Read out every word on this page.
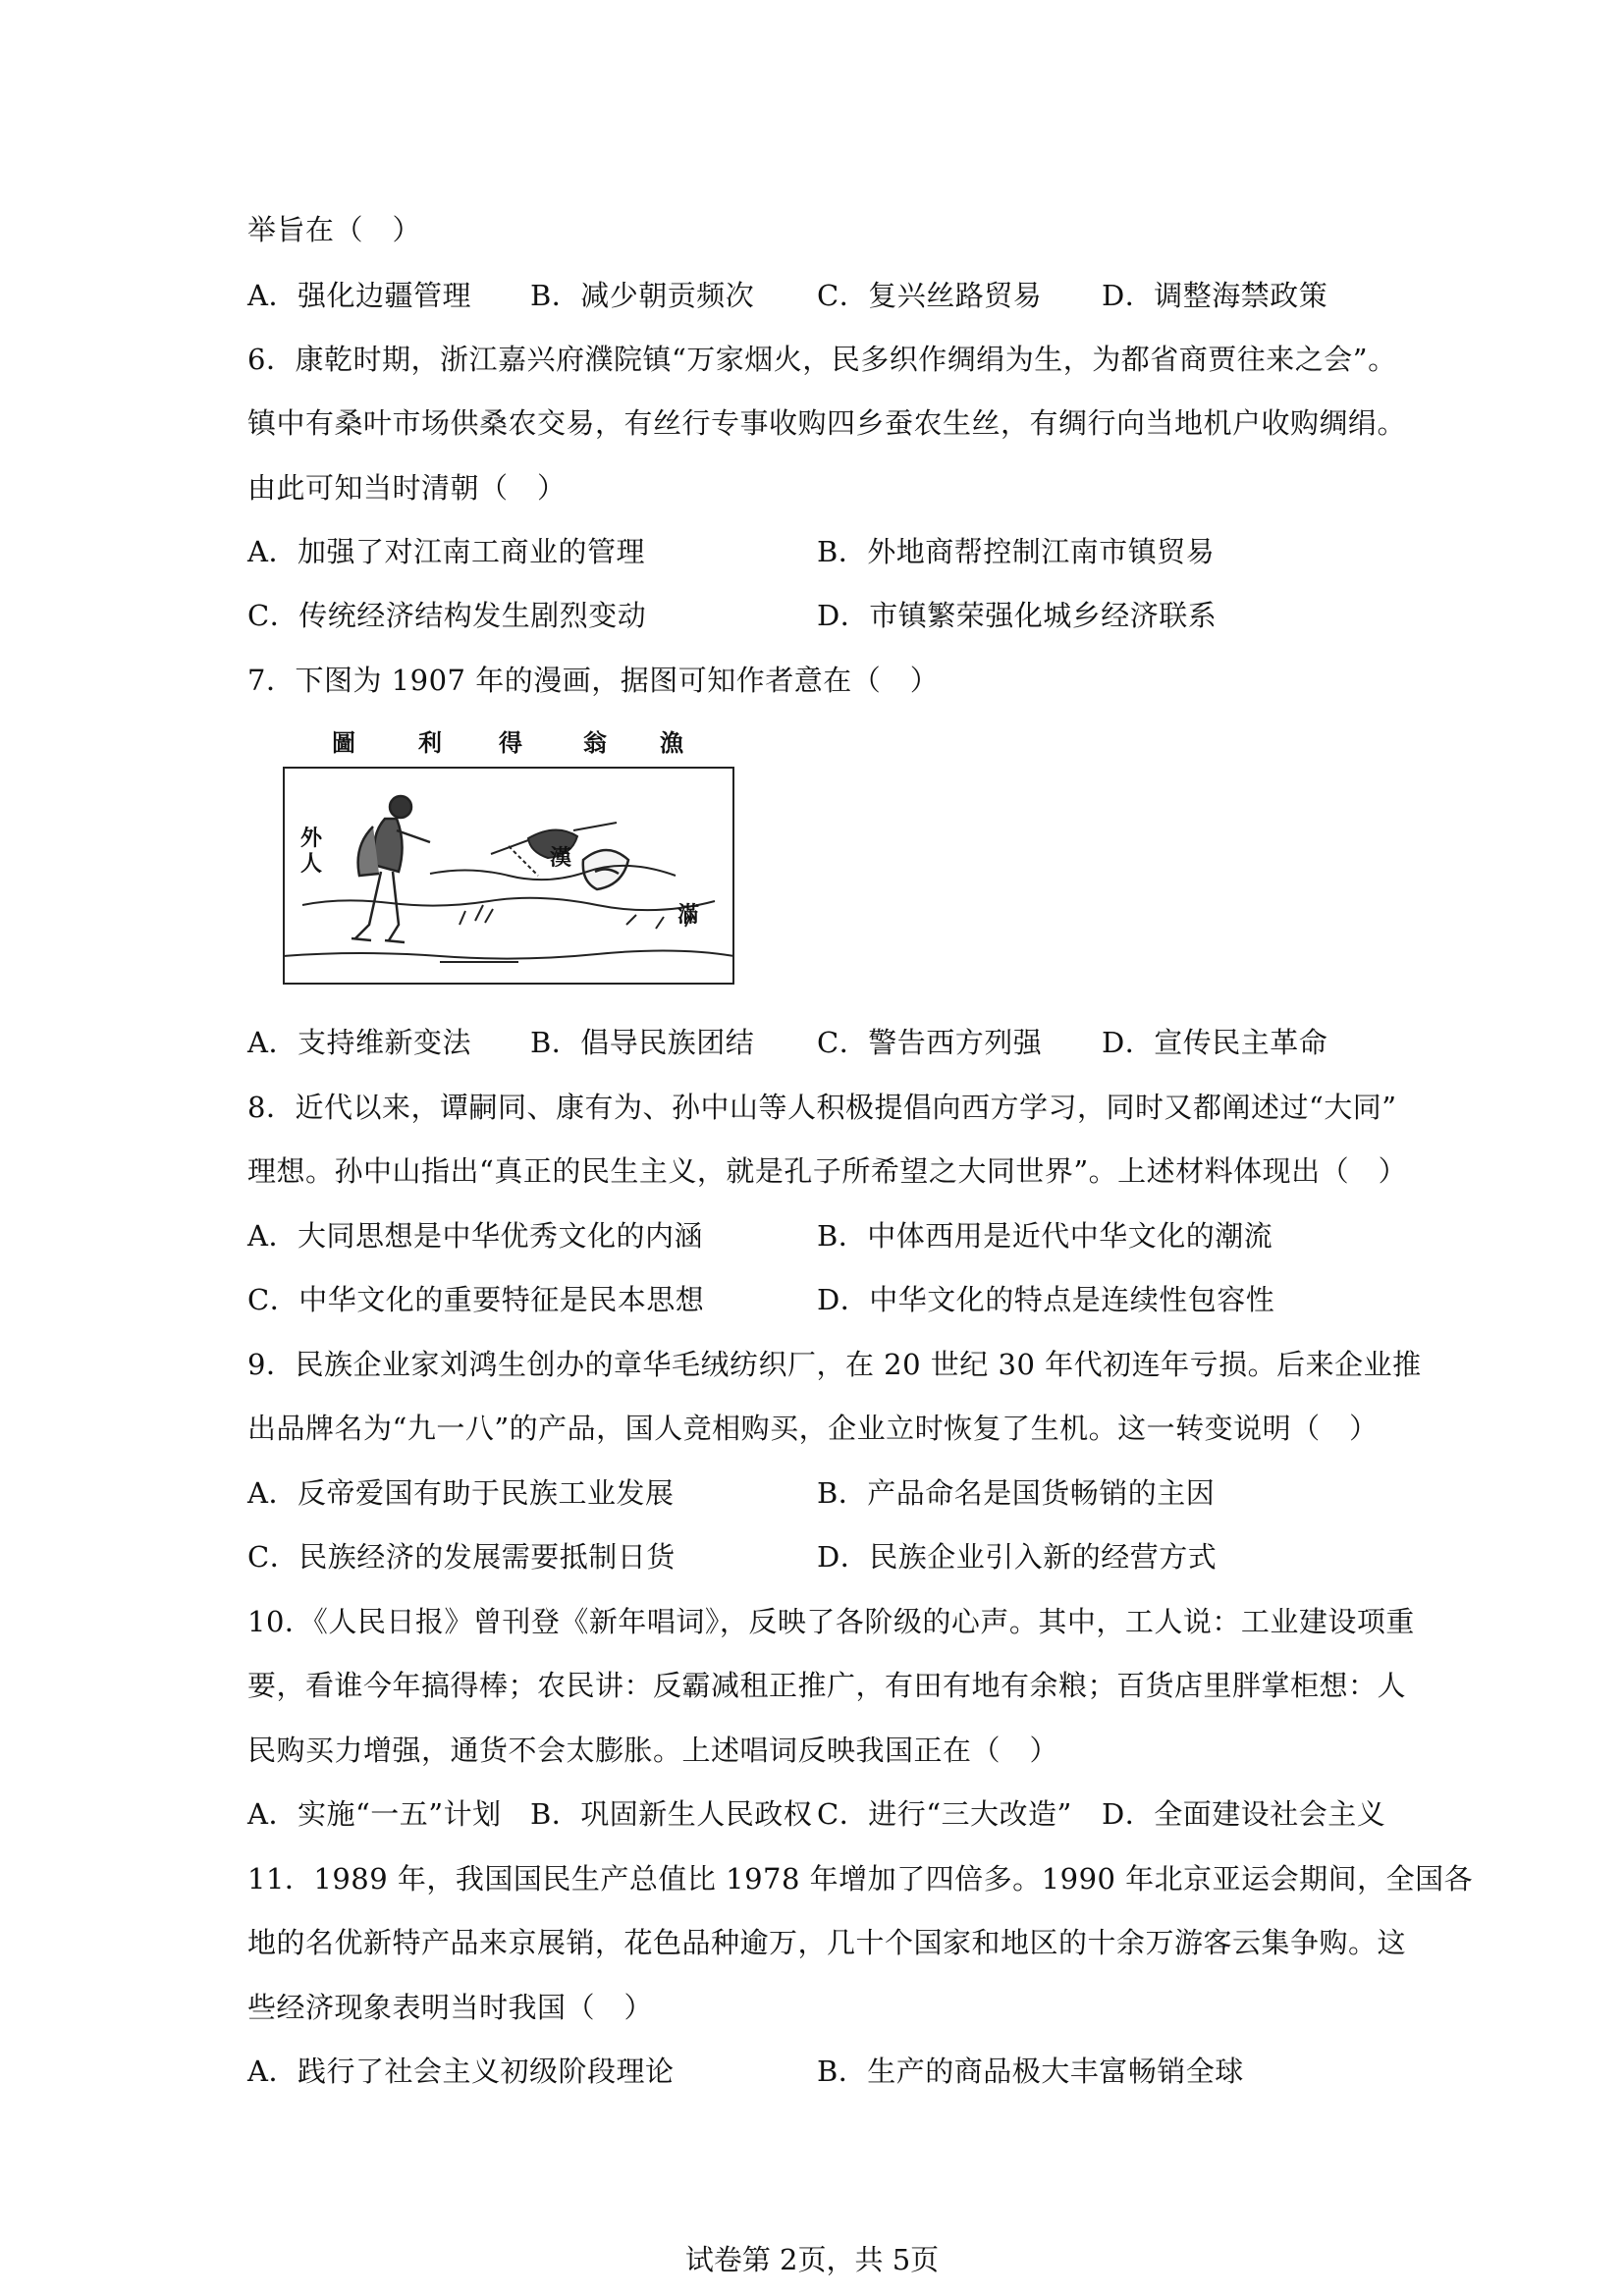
举旨在（　）
A．强化边疆管理 B．减少朝贡频次 C．复兴丝路贸易 D．调整海禁政策
6．康乾时期，浙江嘉兴府濮院镇“万家烟火，民多织作绸绢为生，为都省商贾往来之会”。
镇中有桑叶市场供桑农交易，有丝行专事收购四乡蚕农生丝，有绸行向当地机户收购绸绢。
由此可知当时清朝（　）
A．加强了对江南工商业的管理	B．外地商帮控制江南市镇贸易
C．传统经济结构发生剧烈变动	D．市镇繁荣强化城乡经济联系
7．下图为 1907 年的漫画，据图可知作者意在（　）
圖	利 得	翁 漁
外
人	漢
滿
A．支持维新变法 B．倡导民族团结 C．警告西方列强 D．宣传民主革命
8．近代以来，谭嗣同、康有为、孙中山等人积极提倡向西方学习，同时又都阐述过“大同”
理想。孙中山指出“真正的民生主义，就是孔子所希望之大同世界”。上述材料体现出（　）
A．大同思想是中华优秀文化的内涵	B．中体西用是近代中华文化的潮流
C．中华文化的重要特征是民本思想	D．中华文化的特点是连续性包容性
9．民族企业家刘鸿生创办的章华毛绒纺织厂，在 20 世纪 30 年代初连年亏损。后来企业推
出品牌名为“九一八”的产品，国人竞相购买，企业立时恢复了生机。这一转变说明（　）
A．反帝爱国有助于民族工业发展	B．产品命名是国货畅销的主因
C．民族经济的发展需要抵制日货	D．民族企业引入新的经营方式
10．《人民日报》曾刊登《新年唱词》，反映了各阶级的心声。其中，工人说：工业建设项重
要，看谁今年搞得棒；农民讲：反霸减租正推广，有田有地有余粮；百货店里胖掌柜想：人
民购买力增强，通货不会太膨胀。上述唱词反映我国正在（　）
A．实施“一五”计划 B．巩固新生人民政权 C．进行“三大改造” D．全面建设社会主义
11．1989 年，我国国民生产总值比 1978 年增加了四倍多。1990 年北京亚运会期间，全国各
地的名优新特产品来京展销，花色品种逾万，几十个国家和地区的十余万游客云集争购。这
些经济现象表明当时我国（　）
A．践行了社会主义初级阶段理论	B．生产的商品极大丰富畅销全球
试卷第 2页，共 5页
